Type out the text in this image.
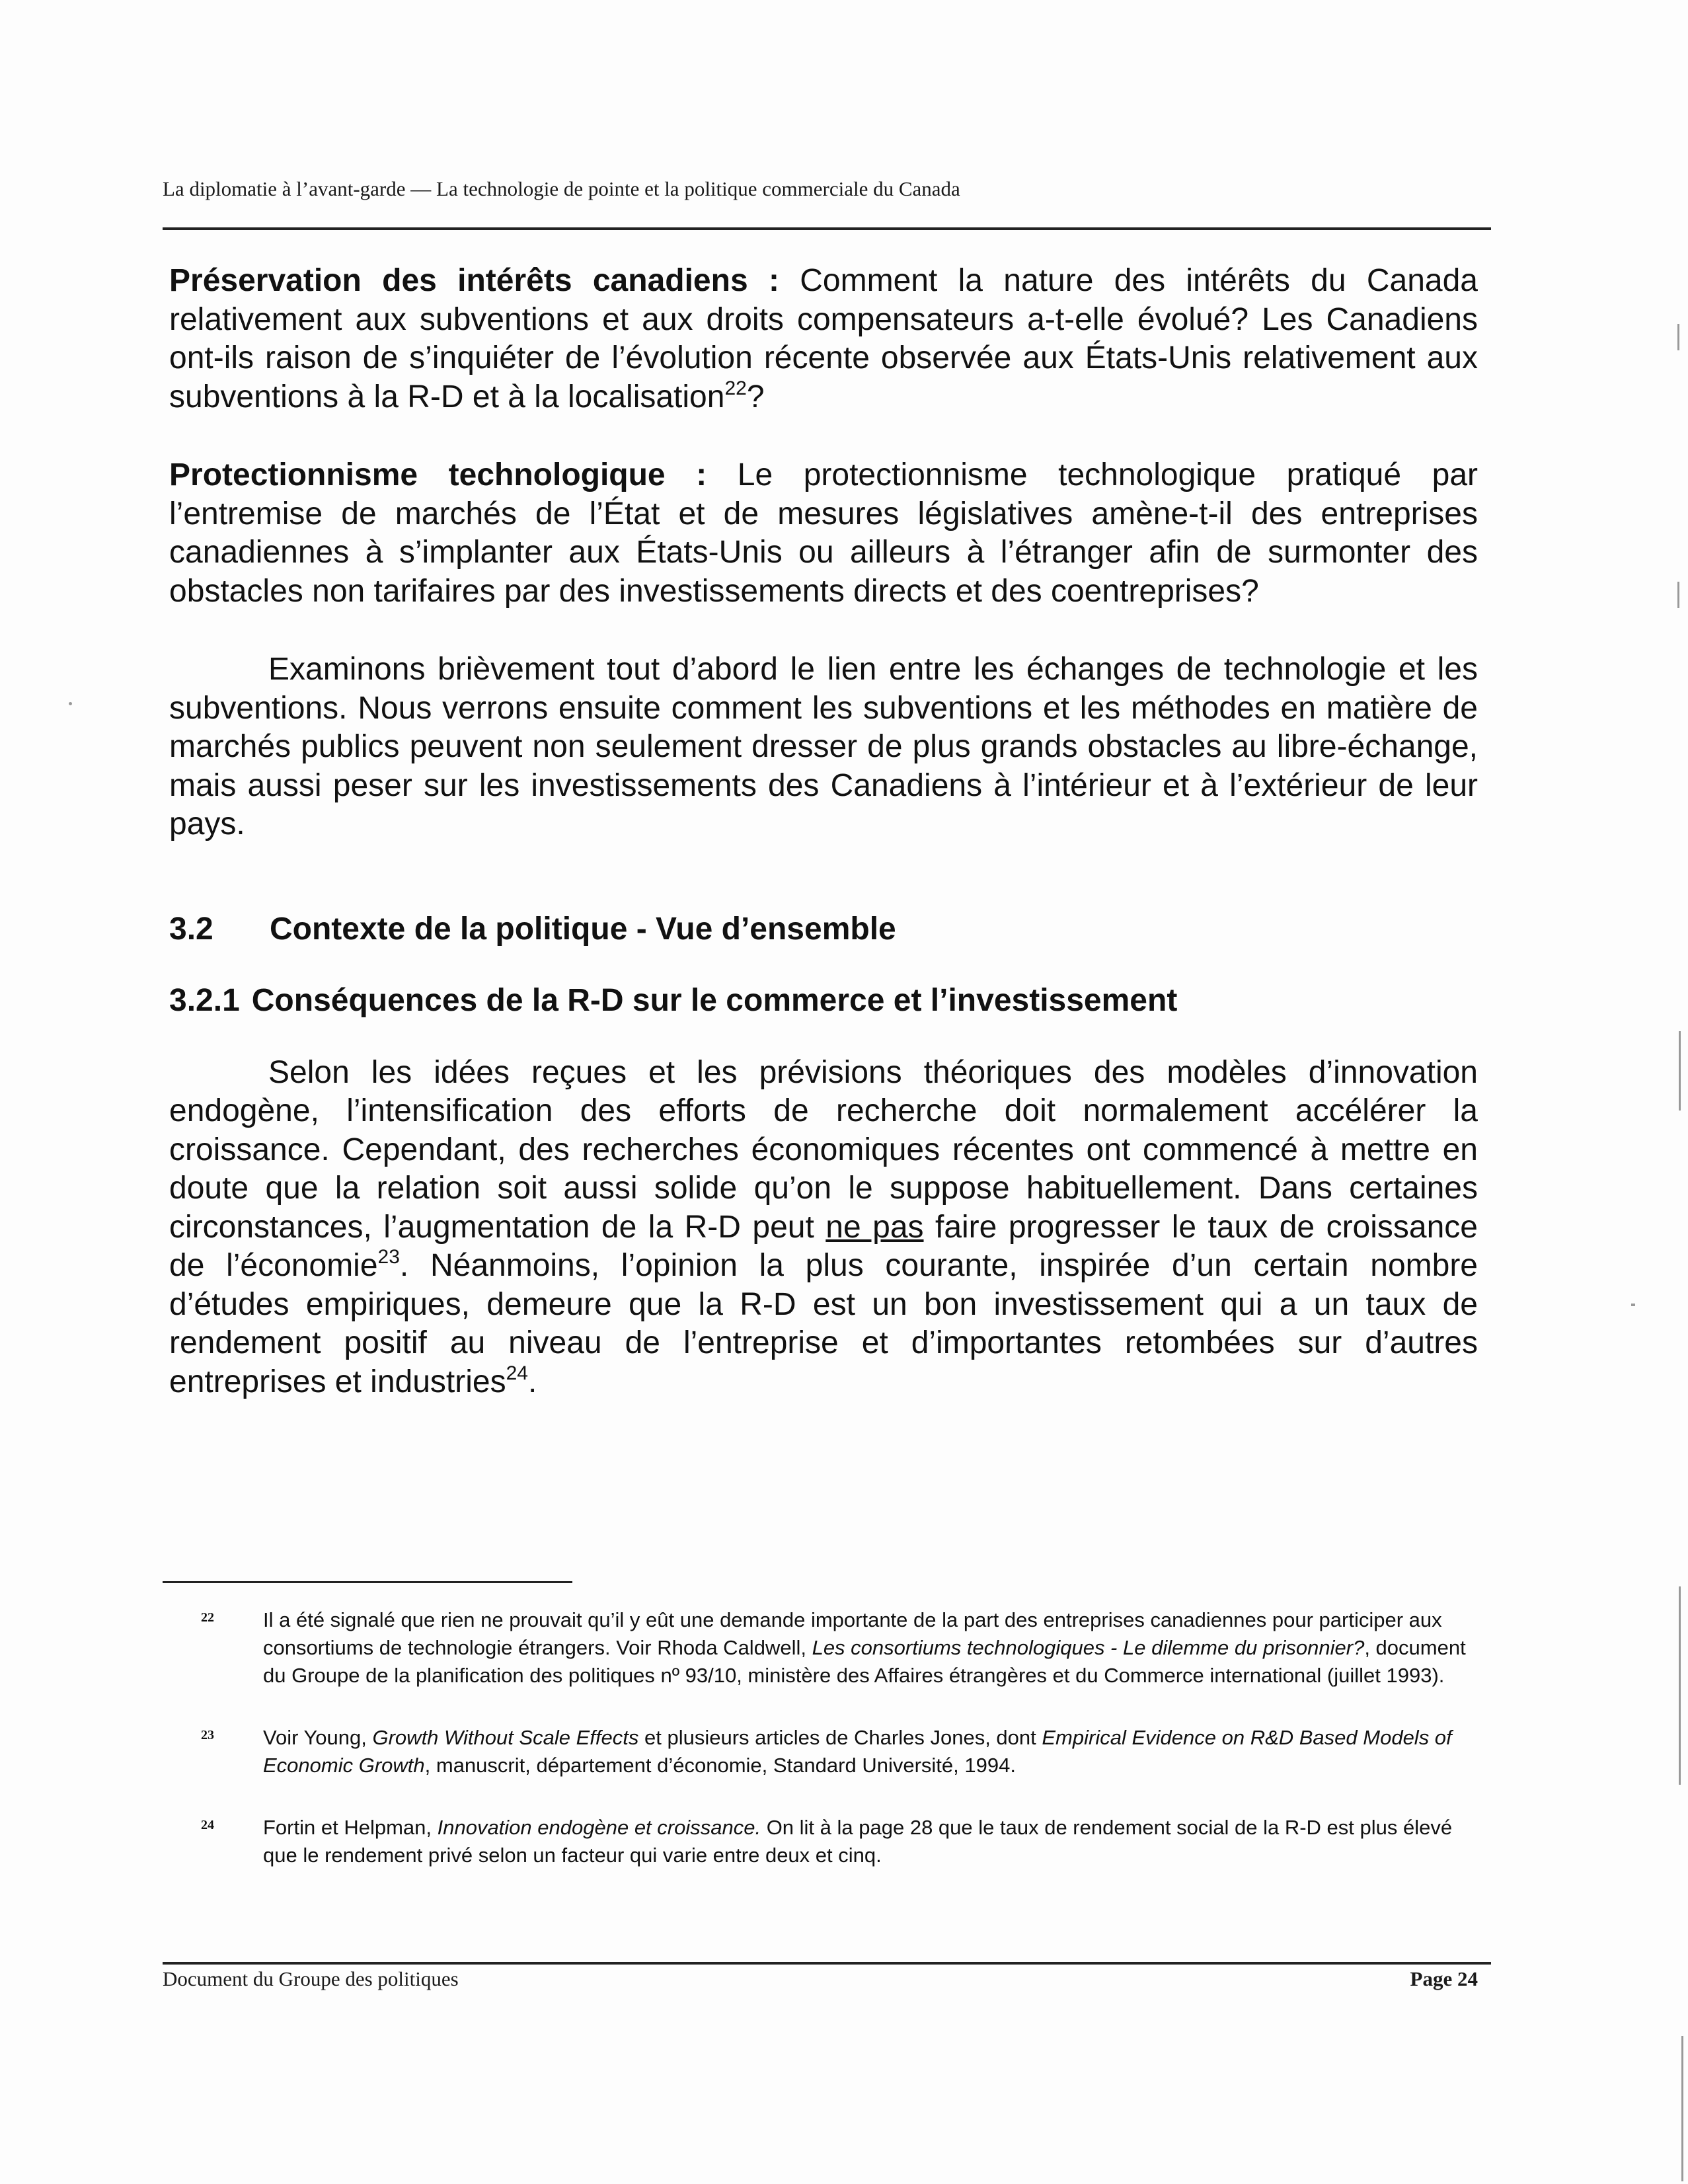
La diplomatie à l’avant-garde — La technologie de pointe et la politique commerciale du Canada

Préservation des intérêts canadiens : Comment la nature des intérêts du Canada relativement aux subventions et aux droits compensateurs a-t-elle évolué? Les Canadiens ont-ils raison de s’inquiéter de l’évolution récente observée aux États-Unis relativement aux subventions à la R-D et à la localisation$^{22}$?

Protectionnisme technologique : Le protectionnisme technologique pratiqué par l’entremise de marchés de l’État et de mesures législatives amène-t-il des entreprises canadiennes à s’implanter aux États-Unis ou ailleurs à l’étranger afin de surmonter des obstacles non tarifaires par des investissements directs et des coentreprises?

Examinons brièvement tout d’abord le lien entre les échanges de technologie et les subventions. Nous verrons ensuite comment les subventions et les méthodes en matière de marchés publics peuvent non seulement dresser de plus grands obstacles au libre-échange, mais aussi peser sur les investissements des Canadiens à l’intérieur et à l’extérieur de leur pays.

3.2 Contexte de la politique - Vue d’ensemble
3.2.1 Conséquences de la R-D sur le commerce et l’investissement

Selon les idées reçues et les prévisions théoriques des modèles d’innovation endogène, l’intensification des efforts de recherche doit normalement accélérer la croissance. Cependant, des recherches économiques récentes ont commencé à mettre en doute que la relation soit aussi solide qu’on le suppose habituellement. Dans certaines circonstances, l’augmentation de la R-D peut ne pas faire progresser le taux de croissance de l’économie$^{23}$. Néanmoins, l’opinion la plus courante, inspirée d’un certain nombre d’études empiriques, demeure que la R-D est un bon investissement qui a un taux de rendement positif au niveau de l’entreprise et d’importantes retombées sur d’autres entreprises et industries$^{24}$.

22 Il a été signalé que rien ne prouvait qu’il y eût une demande importante de la part des entreprises canadiennes pour participer aux consortiums de technologie étrangers. Voir Rhoda Caldwell, Les consortiums technologiques - Le dilemme du prisonnier?, document du Groupe de la planification des politiques nº 93/10, ministère des Affaires étrangères et du Commerce international (juillet 1993).

23 Voir Young, Growth Without Scale Effects et plusieurs articles de Charles Jones, dont Empirical Evidence on R&D Based Models of Economic Growth, manuscrit, département d’économie, Standard Université, 1994.

24 Fortin et Helpman, Innovation endogène et croissance. On lit à la page 28 que le taux de rendement social de la R-D est plus élevé que le rendement privé selon un facteur qui varie entre deux et cinq.

Document du Groupe des politiques	Page 24
